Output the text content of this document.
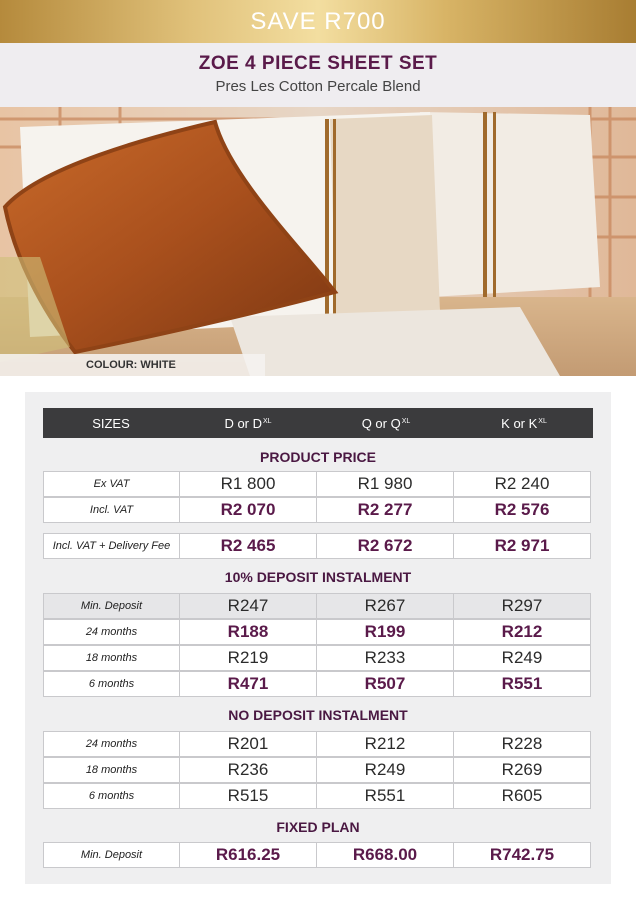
SAVE R700
ZOE 4 PIECE SHEET SET
Pres Les Cotton Percale Blend
COLOUR: WHITE
SIZES	D or $D^{XL}$	Q or $Q^{XL}$	K or $K^{XL}$
PRODUCT PRICE
Ex VAT	R1 800	R1 980	R2 240
Incl. VAT	R2 070	R2 277	R2 576
Incl. VAT + Delivery Fee	R2 465	R2 672	R2 971
10% DEPOSIT INSTALMENT
Min. Deposit	R247	R267	R297
24 months	R188	R199	R212
18 months	R219	R233	R249
6 months	R471	R507	R551
NO DEPOSIT INSTALMENT
24 months	R201	R212	R228
18 months	R236	R249	R269
6 months	R515	R551	R605
FIXED PLAN
Min. Deposit	R616.25	R668.00	R742.75
